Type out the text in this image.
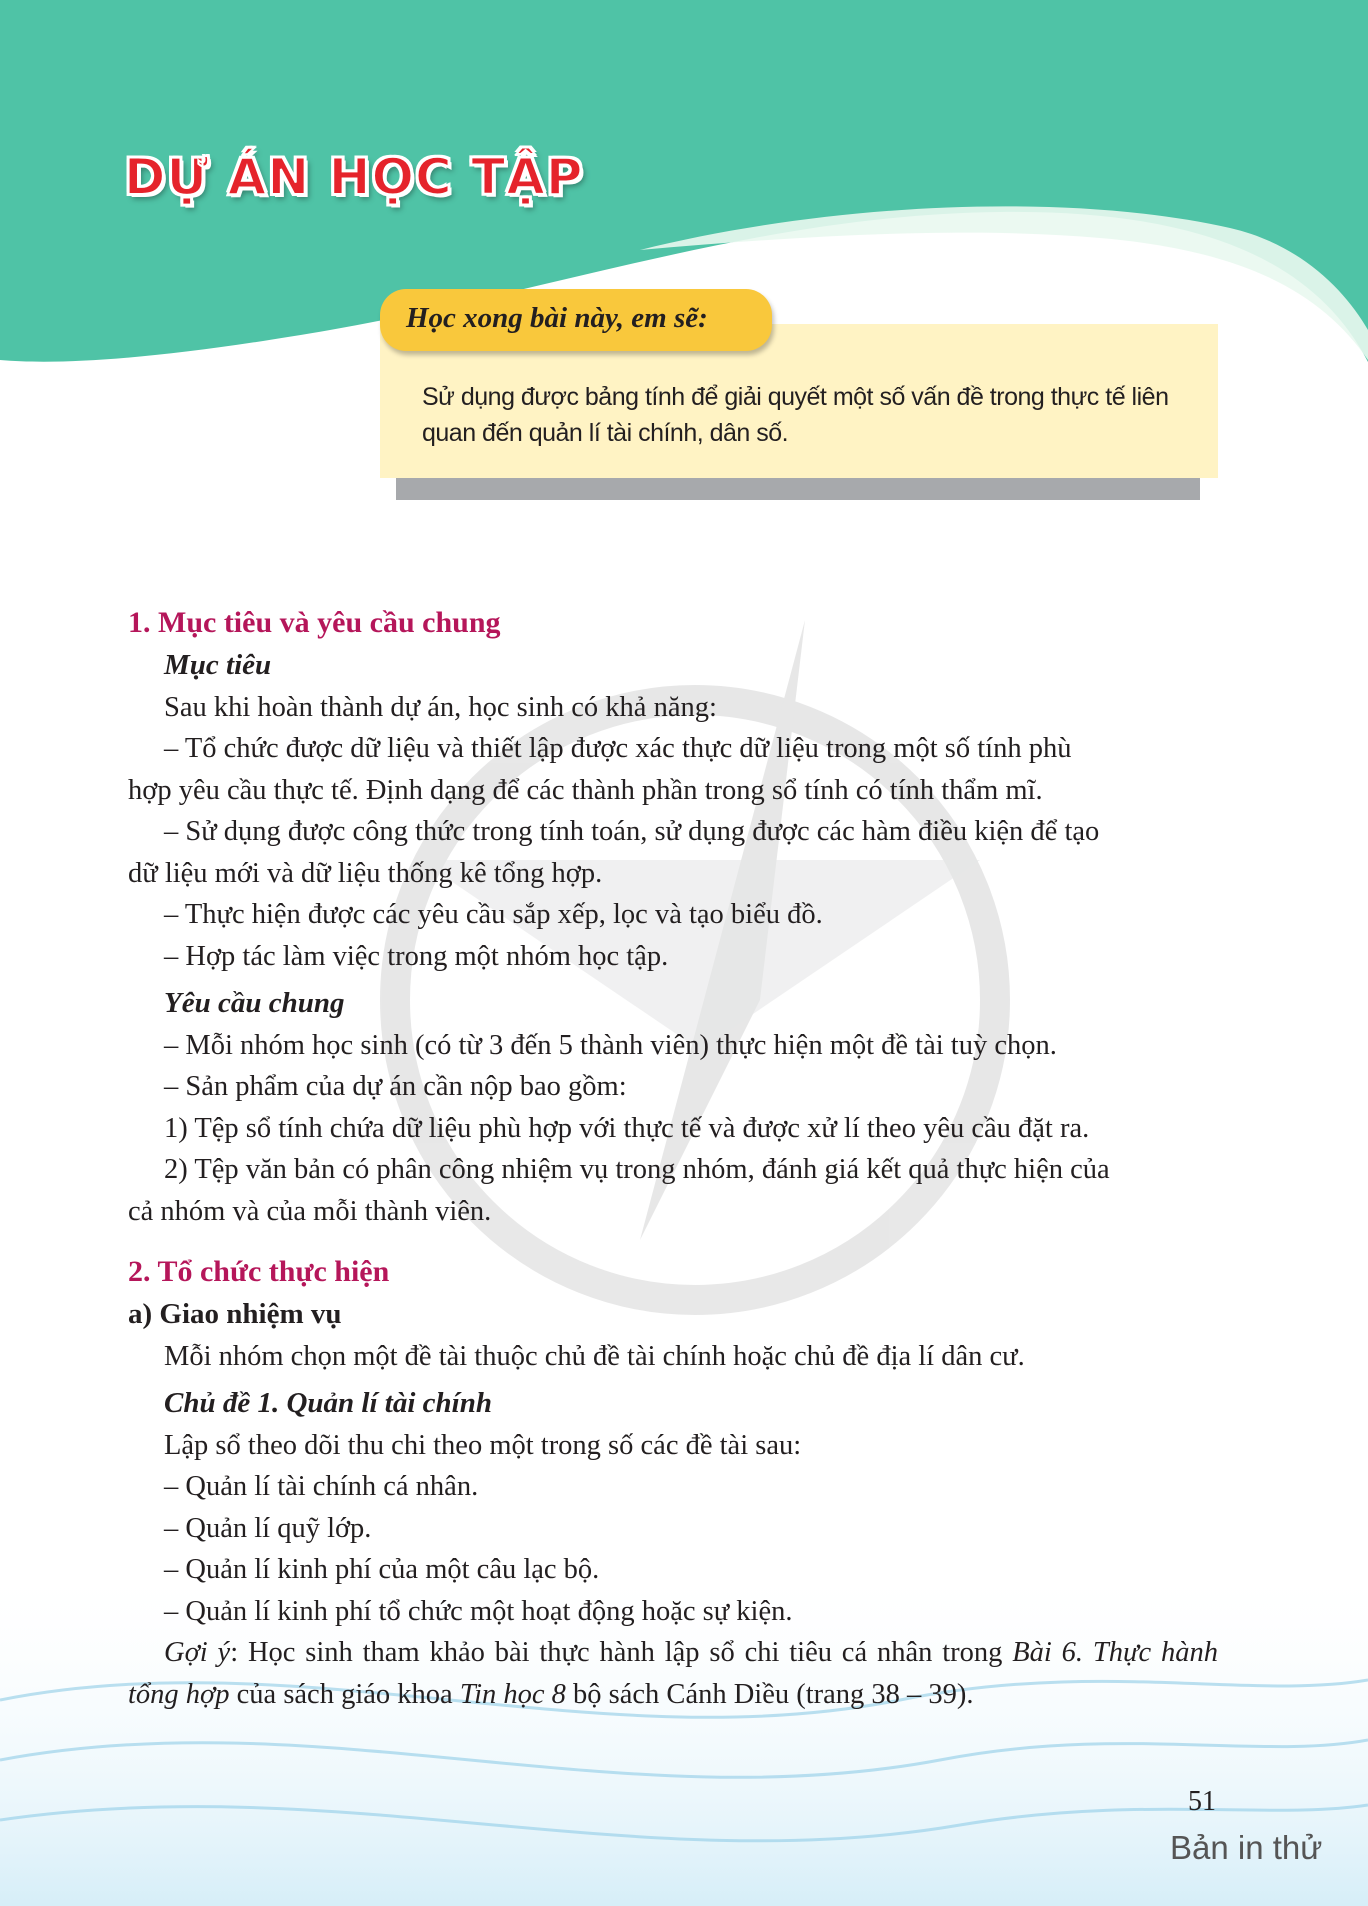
DỰ ÁN HỌC TẬP
Sử dụng được bảng tính để giải quyết một số vấn đề trong thực tế liên
quan đến quản lí tài chính, dân số.
Học xong bài này, em sẽ:

1. Mục tiêu và yêu cầu chung

Mục tiêu

Sau khi hoàn thành dự án, học sinh có khả năng:

– Tổ chức được dữ liệu và thiết lập được xác thực dữ liệu trong một số tính phù

hợp yêu cầu thực tế. Định dạng để các thành phần trong sổ tính có tính thẩm mĩ.

– Sử dụng được công thức trong tính toán, sử dụng được các hàm điều kiện để tạo

dữ liệu mới và dữ liệu thống kê tổng hợp.

– Thực hiện được các yêu cầu sắp xếp, lọc và tạo biểu đồ.

– Hợp tác làm việc trong một nhóm học tập.

Yêu cầu chung

– Mỗi nhóm học sinh (có từ 3 đến 5 thành viên) thực hiện một đề tài tuỳ chọn.

– Sản phẩm của dự án cần nộp bao gồm:

1) Tệp sổ tính chứa dữ liệu phù hợp với thực tế và được xử lí theo yêu cầu đặt ra.

2) Tệp văn bản có phân công nhiệm vụ trong nhóm, đánh giá kết quả thực hiện của

cả nhóm và của mỗi thành viên.

2. Tổ chức thực hiện

a) Giao nhiệm vụ

Mỗi nhóm chọn một đề tài thuộc chủ đề tài chính hoặc chủ đề địa lí dân cư.

Chủ đề 1. Quản lí tài chính

Lập sổ theo dõi thu chi theo một trong số các đề tài sau:

– Quản lí tài chính cá nhân.

– Quản lí quỹ lớp.

– Quản lí kinh phí của một câu lạc bộ.

– Quản lí kinh phí tổ chức một hoạt động hoặc sự kiện.

Gợi ý: Học sinh tham khảo bài thực hành lập sổ chi tiêu cá nhân trong Bài 6. Thực hành tổng hợp của sách giáo khoa Tin học 8 bộ sách Cánh Diều (trang 38 – 39).

51
Bản in thử
